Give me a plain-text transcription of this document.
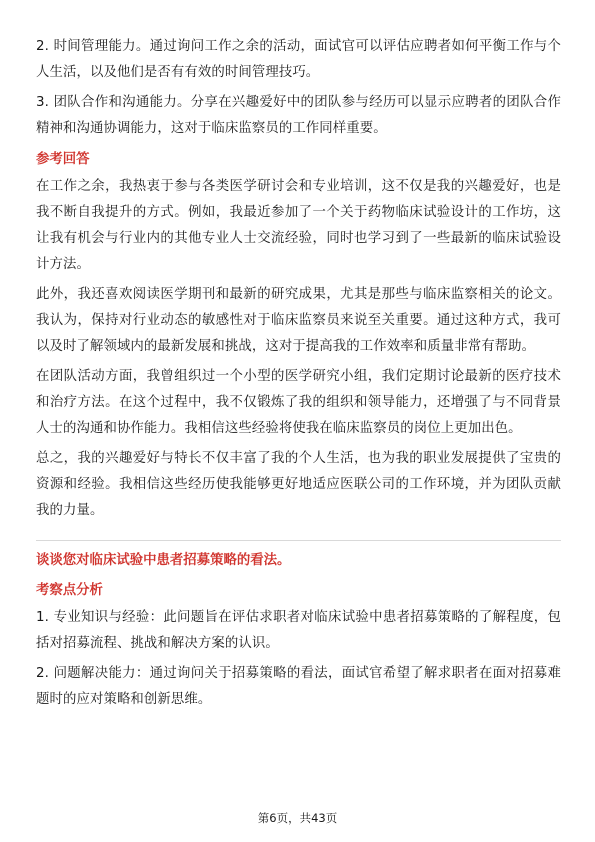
2. 时间管理能力。通过询问工作之余的活动，面试官可以评估应聘者如何平衡工作与个人生活，以及他们是否有有效的时间管理技巧。

3. 团队合作和沟通能力。分享在兴趣爱好中的团队参与经历可以显示应聘者的团队合作精神和沟通协调能力，这对于临床监察员的工作同样重要。

参考回答

在工作之余，我热衷于参与各类医学研讨会和专业培训，这不仅是我的兴趣爱好，也是我不断自我提升的方式。例如，我最近参加了一个关于药物临床试验设计的工作坊，这让我有机会与行业内的其他专业人士交流经验，同时也学习到了一些最新的临床试验设计方法。

此外，我还喜欢阅读医学期刊和最新的研究成果，尤其是那些与临床监察相关的论文。我认为，保持对行业动态的敏感性对于临床监察员来说至关重要。通过这种方式，我可以及时了解领域内的最新发展和挑战，这对于提高我的工作效率和质量非常有帮助。

在团队活动方面，我曾组织过一个小型的医学研究小组，我们定期讨论最新的医疗技术和治疗方法。在这个过程中，我不仅锻炼了我的组织和领导能力，还增强了与不同背景人士的沟通和协作能力。我相信这些经验将使我在临床监察员的岗位上更加出色。

总之，我的兴趣爱好与特长不仅丰富了我的个人生活，也为我的职业发展提供了宝贵的资源和经验。我相信这些经历使我能够更好地适应医联公司的工作环境，并为团队贡献我的力量。

谈谈您对临床试验中患者招募策略的看法。
考察点分析

1. 专业知识与经验：此问题旨在评估求职者对临床试验中患者招募策略的了解程度，包括对招募流程、挑战和解决方案的认识。

2. 问题解决能力：通过询问关于招募策略的看法，面试官希望了解求职者在面对招募难题时的应对策略和创新思维。

第6页，共43页
